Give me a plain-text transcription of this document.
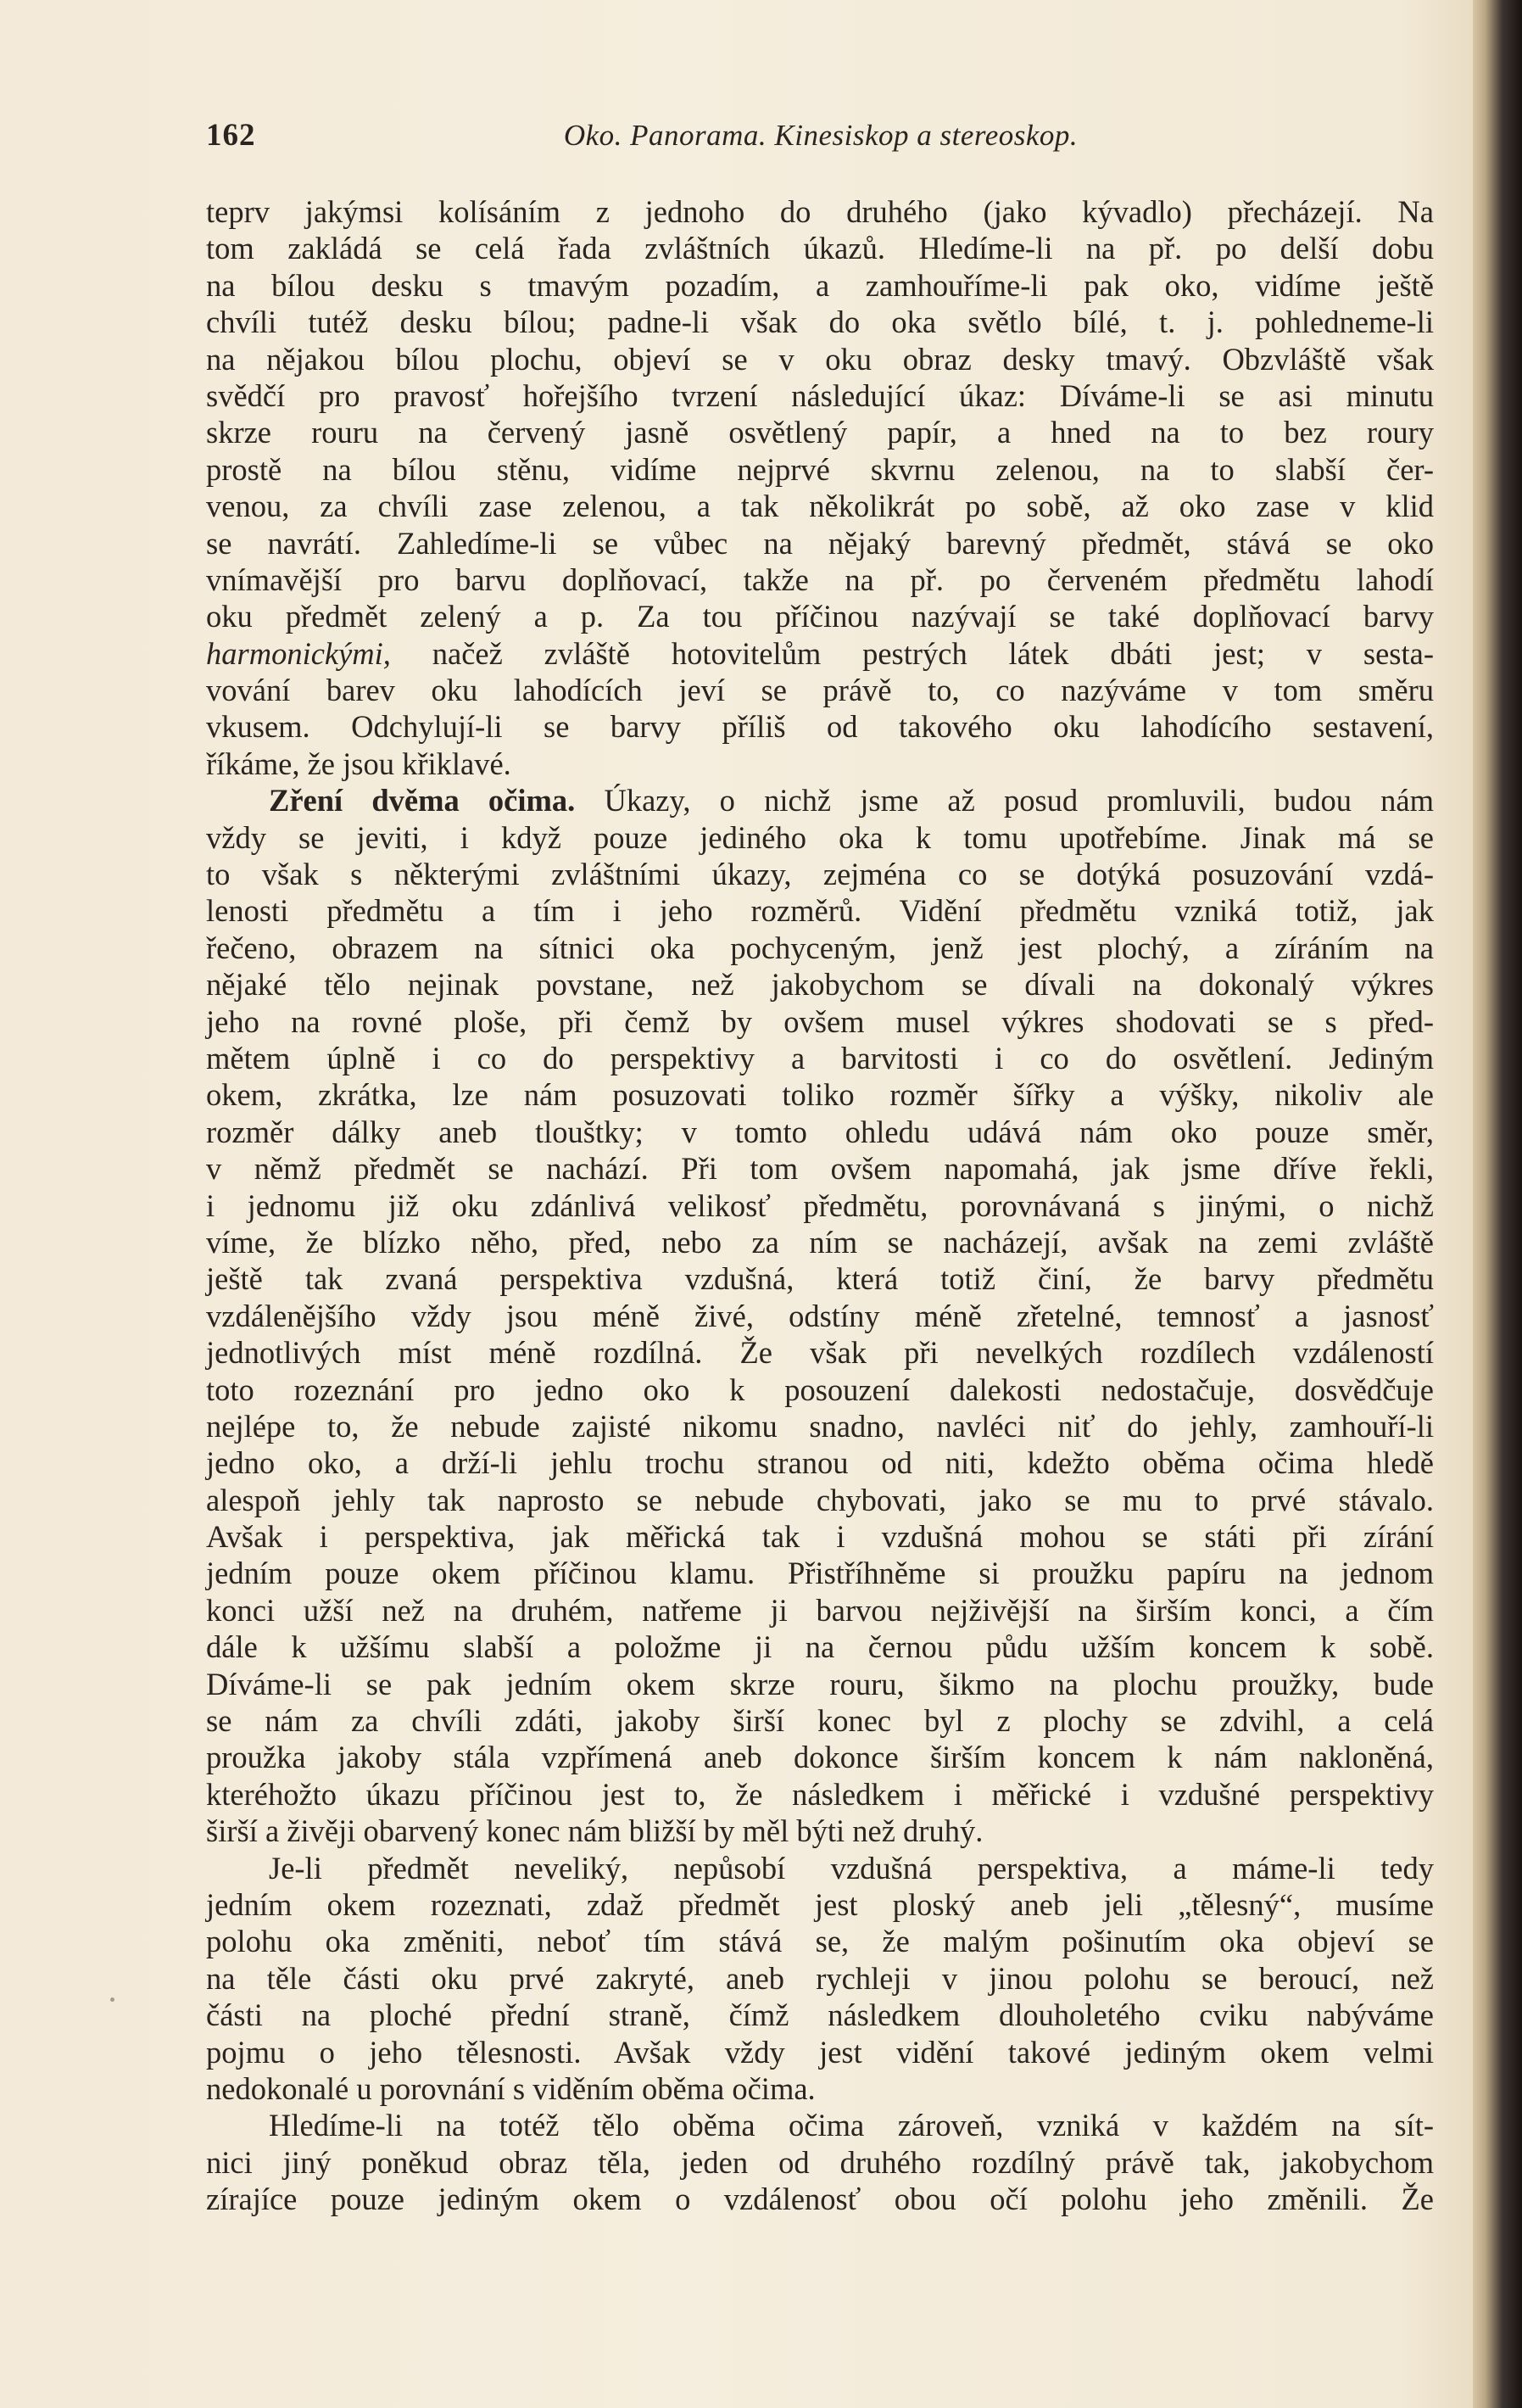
162	Oko. Panorama. Kinesiskop a stereoskop.
teprv jakýmsi kolísáním z jednoho do druhého (jako kývadlo) přecházejí. Na
tom zakládá se celá řada zvláštních úkazů. Hledíme-li na př. po delší dobu
na bílou desku s tmavým pozadím, a zamhouříme-li pak oko, vidíme ještě
chvíli tutéž desku bílou; padne-li však do oka světlo bílé, t. j. pohledneme-li
na nějakou bílou plochu, objeví se v oku obraz desky tmavý. Obzvláště však
svědčí pro pravosť hořejšího tvrzení následující úkaz: Díváme-li se asi minutu
skrze rouru na červený jasně osvětlený papír, a hned na to bez roury
prostě na bílou stěnu, vidíme nejprvé skvrnu zelenou, na to slabší čer-
venou, za chvíli zase zelenou, a tak několikrát po sobě, až oko zase v klid
se navrátí. Zahledíme-li se vůbec na nějaký barevný předmět, stává se oko
vnímavější pro barvu doplňovací, takže na př. po červeném předmětu lahodí
oku předmět zelený a p. Za tou příčinou nazývají se také doplňovací barvy
harmonickými, načež zvláště hotovitelům pestrých látek dbáti jest; v sesta-
vování barev oku lahodících jeví se právě to, co nazýváme v tom směru
vkusem. Odchylují-li se barvy příliš od takového oku lahodícího sestavení,
říkáme, že jsou křiklavé.
Zření dvěma očima. Úkazy, o nichž jsme až posud promluvili, budou nám
vždy se jeviti, i když pouze jediného oka k tomu upotřebíme. Jinak má se
to však s některými zvláštními úkazy, zejména co se dotýká posuzování vzdá-
lenosti předmětu a tím i jeho rozměrů. Vidění předmětu vzniká totiž, jak
řečeno, obrazem na sítnici oka pochyceným, jenž jest plochý, a zíráním na
nějaké tělo nejinak povstane, než jakobychom se dívali na dokonalý výkres
jeho na rovné ploše, při čemž by ovšem musel výkres shodovati se s před-
mětem úplně i co do perspektivy a barvitosti i co do osvětlení. Jediným
okem, zkrátka, lze nám posuzovati toliko rozměr šířky a výšky, nikoliv ale
rozměr dálky aneb tlouštky; v tomto ohledu udává nám oko pouze směr,
v němž předmět se nachází. Při tom ovšem napomahá, jak jsme dříve řekli,
i jednomu již oku zdánlivá velikosť předmětu, porovnávaná s jinými, o nichž
víme, že blízko něho, před, nebo za ním se nacházejí, avšak na zemi zvláště
ještě tak zvaná perspektiva vzdušná, která totiž činí, že barvy předmětu
vzdálenějšího vždy jsou méně živé, odstíny méně zřetelné, temnosť a jasnosť
jednotlivých míst méně rozdílná. Že však při nevelkých rozdílech vzdáleností
toto rozeznání pro jedno oko k posouzení dalekosti nedostačuje, dosvědčuje
nejlépe to, že nebude zajisté nikomu snadno, navléci niť do jehly, zamhouří-li
jedno oko, a drží-li jehlu trochu stranou od niti, kdežto oběma očima hledě
alespoň jehly tak naprosto se nebude chybovati, jako se mu to prvé stávalo.
Avšak i perspektiva, jak měřická tak i vzdušná mohou se státi při zírání
jedním pouze okem příčinou klamu. Přistříhněme si proužku papíru na jednom
konci užší než na druhém, natřeme ji barvou nejživější na širším konci, a čím
dále k užšímu slabší a položme ji na černou půdu užším koncem k sobě.
Díváme-li se pak jedním okem skrze rouru, šikmo na plochu proužky, bude
se nám za chvíli zdáti, jakoby širší konec byl z plochy se zdvihl, a celá
proužka jakoby stála vzpřímená aneb dokonce širším koncem k nám nakloněná,
kteréhožto úkazu příčinou jest to, že následkem i měřické i vzdušné perspektivy
širší a živěji obarvený konec nám bližší by měl býti než druhý.
Je-li předmět neveliký, nepůsobí vzdušná perspektiva, a máme-li tedy
jedním okem rozeznati, zdaž předmět jest ploský aneb jeli „tělesný“, musíme
polohu oka změniti, neboť tím stává se, že malým pošinutím oka objeví se
na těle části oku prvé zakryté, aneb rychleji v jinou polohu se beroucí, než
části na ploché přední straně, čímž následkem dlouholetého cviku nabýváme
pojmu o jeho tělesnosti. Avšak vždy jest vidění takové jediným okem velmi
nedokonalé u porovnání s viděním oběma očima.
Hledíme-li na totéž tělo oběma očima zároveň, vzniká v každém na sít-
nici jiný poněkud obraz těla, jeden od druhého rozdílný právě tak, jakobychom
zírajíce pouze jediným okem o vzdálenosť obou očí polohu jeho změnili. Že
